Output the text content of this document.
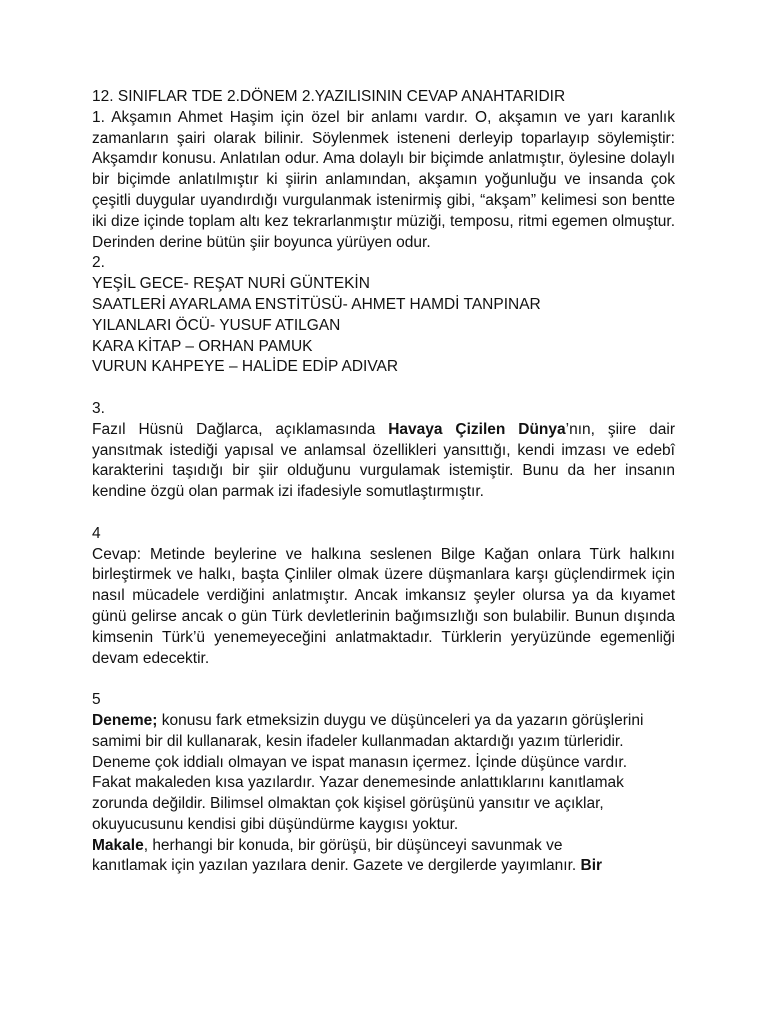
12. SINIFLAR TDE 2.DÖNEM 2.YAZILISININ CEVAP ANAHTARIDIR
1. Akşamın Ahmet Haşim için özel bir anlamı vardır. O, akşamın ve yarı karanlık zamanların şairi olarak bilinir. Söylenmek isteneni derleyip toparlayıp söylemiştir: Akşamdır konusu. Anlatılan odur. Ama dolaylı bir biçimde anlatmıştır, öylesine dolaylı bir biçimde anlatılmıştır ki şiirin anlamından, akşamın yoğunluğu ve insanda çok çeşitli duygular uyandırdığı vurgulanmak istenirmiş gibi, “akşam” kelimesi son bentte iki dize içinde toplam altı kez tekrarlanmıştır müziği, temposu, ritmi egemen olmuştur. Derinden derine bütün şiir boyunca yürüyen odur.
2.
YEŞİL GECE- REŞAT NURİ GÜNTEKİN
SAATLERİ AYARLAMA ENSTİTÜSÜ- AHMET HAMDİ TANPINAR
YILANLARI ÖCÜ- YUSUF ATILGAN
KARA KİTAP – ORHAN PAMUK
VURUN KAHPEYE – HALİDE EDİP ADIVAR
3.
Fazıl Hüsnü Dağlarca, açıklamasında Havaya Çizilen Dünya’nın, şiire dair yansıtmak istediği yapısal ve anlamsal özellikleri yansıttığı, kendi imzası ve edebî karakterini taşıdığı bir şiir olduğunu vurgulamak istemiştir. Bunu da her insanın kendine özgü olan parmak izi ifadesiyle somutlaştırmıştır.
4
Cevap: Metinde beylerine ve halkına seslenen Bilge Kağan onlara Türk halkını birleştirmek ve halkı, başta Çinliler olmak üzere düşmanlara karşı güçlendirmek için nasıl mücadele verdiğini anlatmıştır. Ancak imkansız şeyler olursa ya da kıyamet günü gelirse ancak o gün Türk devletlerinin bağımsızlığı son bulabilir. Bunun dışında kimsenin Türk’ü yenemeyeceğini anlatmaktadır. Türklerin yeryüzünde egemenliği devam edecektir.
5
Deneme; konusu fark etmeksizin duygu ve düşünceleri ya da yazarın görüşlerini
samimi bir dil kullanarak, kesin ifadeler kullanmadan aktardığı yazım türleridir.
Deneme çok iddialı olmayan ve ispat manasın içermez. İçinde düşünce vardır.
Fakat makaleden kısa yazılardır. Yazar denemesinde anlattıklarını kanıtlamak
zorunda değildir. Bilimsel olmaktan çok kişisel görüşünü yansıtır ve açıklar,
okuyucusunu kendisi gibi düşündürme kaygısı yoktur.
Makale, herhangi bir konuda, bir görüşü, bir düşünceyi savunmak ve
kanıtlamak için yazılan yazılara denir. Gazete ve dergilerde yayımlanır. Bir
